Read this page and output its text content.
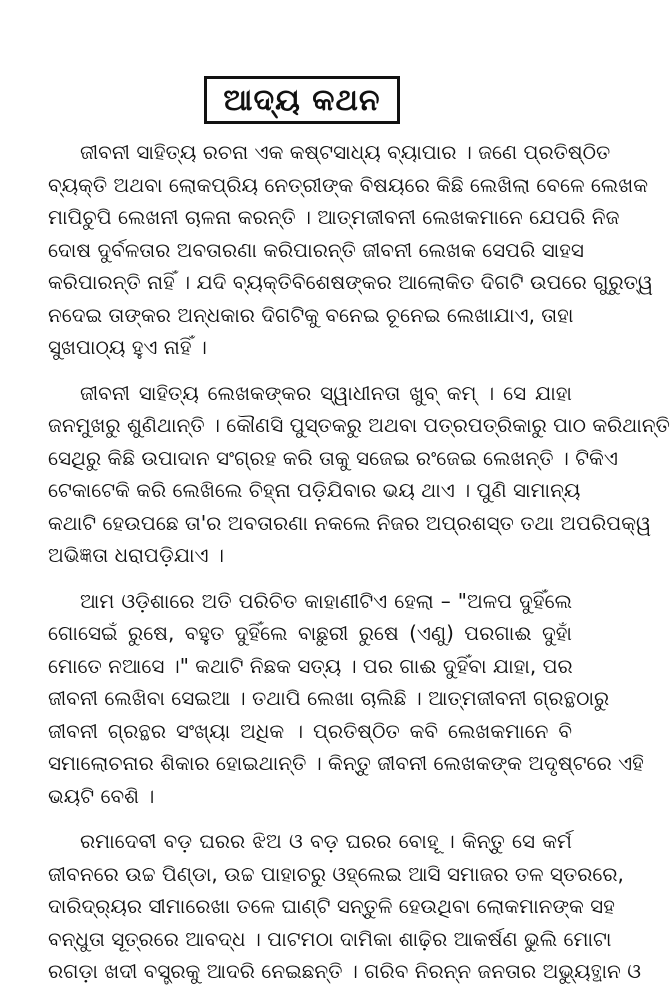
ଆଦ୍ୟ କଥନ
ଜୀବନୀ ସାହିତ୍ୟ ରଚନା ଏକ କଷ୍ଟସାଧ୍ୟ ବ୍ୟାପାର । ଜଣେ ପ୍ରତିଷ୍ଠିତ
ବ୍ୟକ୍ତି ଅଥବା ଲୋକପ୍ରିୟ ନେତ୍ରୀଙ୍କ ବିଷୟରେ କିଛି ଲେଖିଲା ବେଳେ ଲେଖକ
ମାପିଚୁପି ଲେଖନୀ ଚାଳନା କରନ୍ତି । ଆତ୍ମଜୀବନୀ ଲେଖକମାନେ ଯେପରି ନିଜ
ଦୋଷ ଦୁର୍ବଳତାର ଅବତାରଣା କରିପାରନ୍ତି ଜୀବନୀ ଲେଖକ ସେପରି ସାହସ
କରିପାରନ୍ତି ନାହିଁ । ଯଦି ବ୍ୟକ୍ତିବିଶେଷଙ୍କର ଆଲୋକିତ ଦିଗଟି ଉପରେ ଗୁରୁତ୍ୱ
ନଦେଇ ତାଙ୍କର ଅନ୍ଧକାର ଦିଗଟିକୁ ବନେଇ ଚୂନେଇ ଲେଖାଯାଏ, ତାହା
ସୁଖପାଠ୍ୟ ହୁଏ ନାହିଁ ।
ଜୀବନୀ ସାହିତ୍ୟ ଲେଖକଙ୍କର ସ୍ୱାଧୀନତା ଖୁବ୍ କମ୍ । ସେ ଯାହା
ଜନମୁଖରୁ ଶୁଣିଥାନ୍ତି । କୌଣସି ପୁସ୍ତକରୁ ଅଥବା ପତ୍ରପତ୍ରିକାରୁ ପାଠ କରିଥାନ୍ତି
ସେଥିରୁ କିଛି ଉପାଦାନ ସଂଗ୍ରହ କରି ତାକୁ ସଜେଇ ରଂଜେଇ ଲେଖନ୍ତି । ଟିକିଏ
ଟେକାଟେକି କରି ଲେଖିଲେ ଚିହ୍ନା ପଡ଼ିଯିବାର ଭୟ ଥାଏ । ପୁଣି ସାମାନ୍ୟ
କଥାଟି ହେଉପଛେ ତା'ର ଅବତାରଣା ନକଲେ ନିଜର ଅପ୍ରଶସ୍ତ ତଥା ଅପରିପକ୍ୱ
ଅଭିଜ୍ଞତା ଧରାପଡ଼ିଯାଏ ।
ଆମ ଓଡ଼ିଶାରେ ଅତି ପରିଚିତ କାହାଣୀଟିଏ ହେଲା – "ଅଳପ ଦୁହିଁଲେ
ଗୋସେଇଁ ରୁଷେ, ବହୁତ ଦୁହିଁଲେ ବାଛୁରୀ ରୁଷେ (ଏଣୁ) ପରଗାଈ ଦୁହାଁ
ମୋତେ ନଆସେ ।" କଥାଟି ନିଛକ ସତ୍ୟ । ପର ଗାଈ ଦୁହିଁବା ଯାହା, ପର
ଜୀବନୀ ଲେଖିବା ସେଇଆ । ତଥାପି ଲେଖା ଚାଲିଛି । ଆତ୍ମଜୀବନୀ ଗ୍ରନ୍ଥଠାରୁ
ଜୀବନୀ ଗ୍ରନ୍ଥର ସଂଖ୍ୟା ଅଧିକ । ପ୍ରତିଷ୍ଠିତ କବି ଲେଖକମାନେ ବି
ସମାଲୋଚନାର ଶିକାର ହୋଇଥାନ୍ତି । କିନ୍ତୁ ଜୀବନୀ ଲେଖକଙ୍କ ଅଦୃଷ୍ଟରେ ଏହି
ଭୟଟି ବେଶି ।
ରମାଦେବୀ ବଡ଼ ଘରର ଝିଅ ଓ ବଡ଼ ଘରର ବୋହୂ । କିନ୍ତୁ ସେ କର୍ମ
ଜୀବନରେ ଉଚ୍ଚ ପିଣ୍ଡା, ଉଚ୍ଚ ପାହାଚରୁ ଓହ୍ଲେଇ ଆସି ସମାଜର ତଳ ସ୍ତରରେ,
ଦାରିଦ୍ର୍ୟର ସୀମାରେଖା ତଳେ ଘାଣ୍ଟି ସନ୍ତୁଳି ହେଉଥିବା ଲୋକମାନଙ୍କ ସହ
ବନ୍ଧୁତା ସୂତ୍ରରେ ଆବଦ୍ଧ । ପାଟମଠା ଦାମିକା ଶାଢ଼ିର ଆକର୍ଷଣ ଭୁଲି ମୋଟା
ରଗଡ଼ା ଖଦୀ ବସ୍ତ୍ରକୁ ଆଦରି ନେଇଛନ୍ତି । ଗରିବ ନିରନ୍ନ ଜନତାର ଅଭ୍ୟୁତ୍ଥାନ ଓ
